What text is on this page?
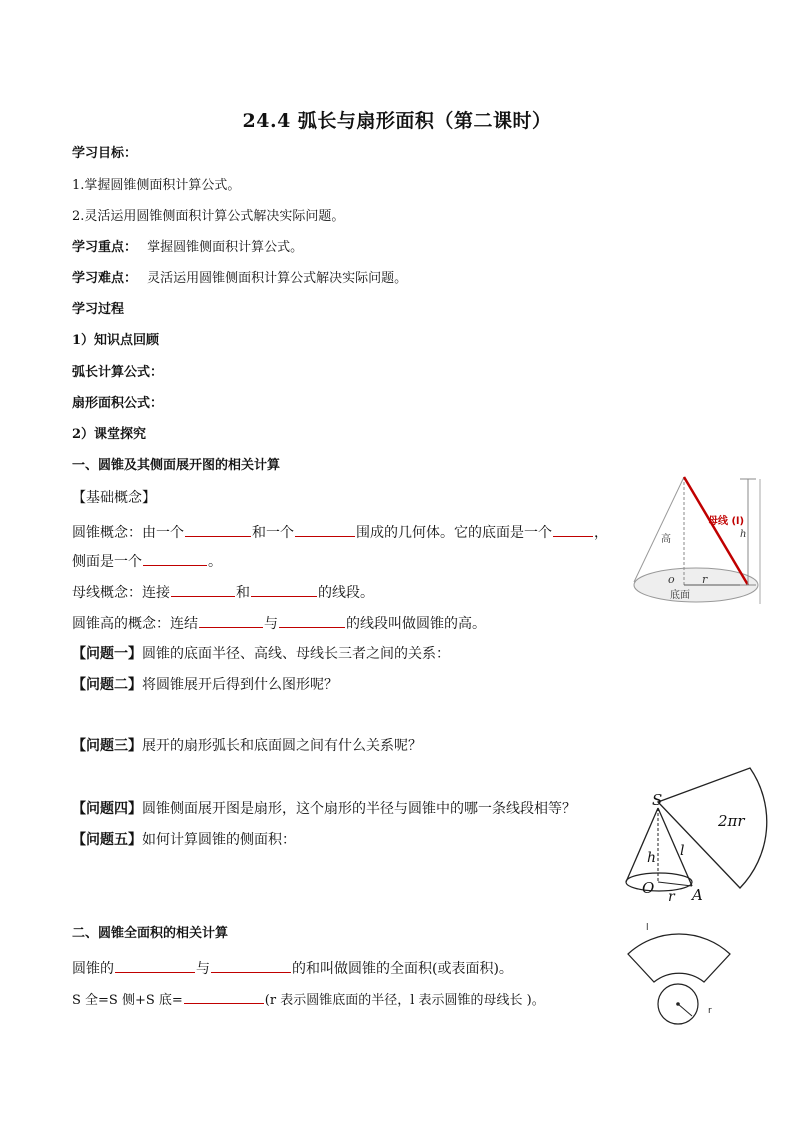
24.4 弧长与扇形面积（第二课时）
学习目标：
1.掌握圆锥侧面积计算公式。
2.灵活运用圆锥侧面积计算公式解决实际问题。
学习重点： 掌握圆锥侧面积计算公式。
学习难点： 灵活运用圆锥侧面积计算公式解决实际问题。
学习过程
1）知识点回顾
弧长计算公式：
扇形面积公式：
2）课堂探究
一、圆锥及其侧面展开图的相关计算
【基础概念】
圆锥概念：由一个	和一个	围成的几何体。它的底面是一个	，
侧面是一个	。
母线概念：连接	和	的线段。
圆锥高的概念：连结	与	的线段叫做圆锥的高。
【问题一】圆锥的底面半径、高线、母线长三者之间的关系：
【问题二】将圆锥展开后得到什么图形呢？
【问题三】展开的扇形弧长和底面圆之间有什么关系呢？
【问题四】圆锥侧面展开图是扇形，这个扇形的半径与圆锥中的哪一条线段相等？
【问题五】如何计算圆锥的侧面积：
二、圆锥全面积的相关计算
圆锥的	与	的和叫做圆锥的全面积(或表面积)。
S 全=S 侧+S 底=	(r 表示圆锥底面的半径，l 表示圆锥的母线长 )。
母线 (l)
h
高
o r
底面
S
2πr
h l
O r A
l
r
